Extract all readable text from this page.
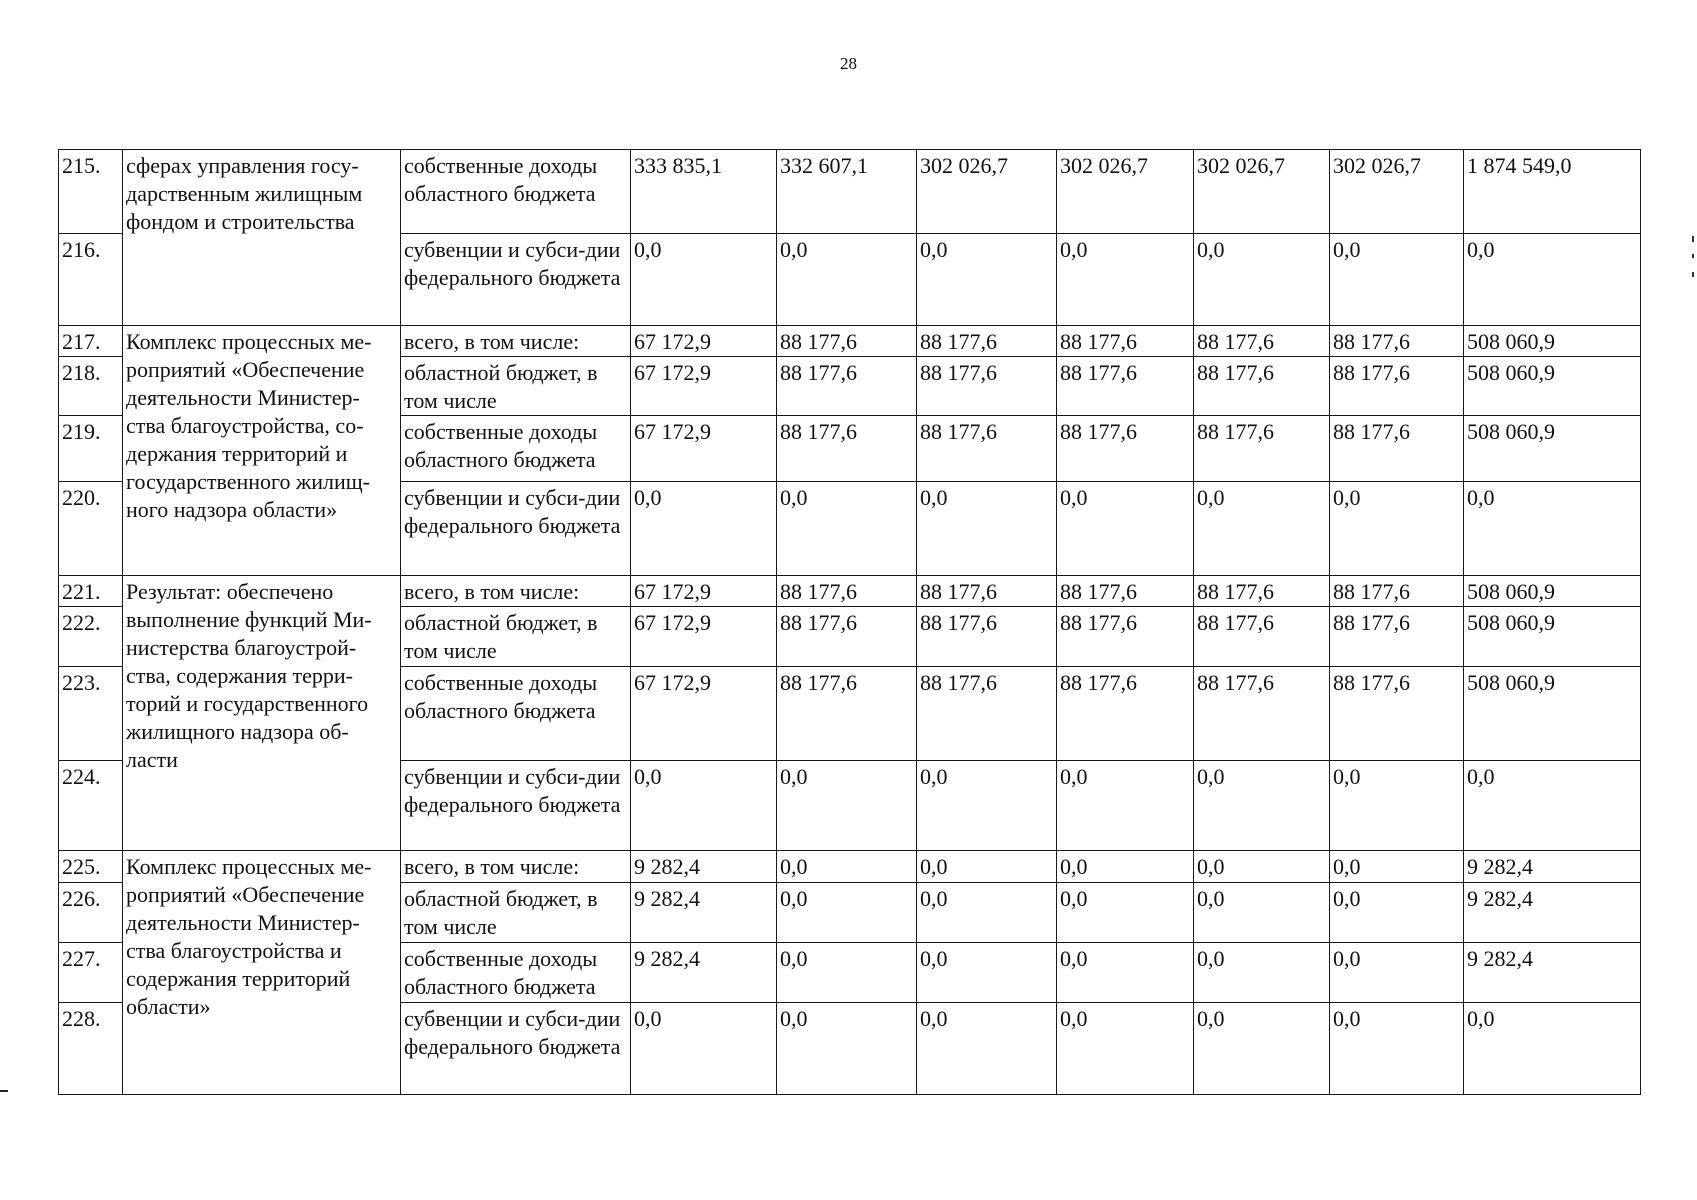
28
215.	сферах управления госу-дарственным жилищным фондом и строительства	собственные доходы областного бюджета	333 835,1	332 607,1	302 026,7	302 026,7	302 026,7	302 026,7	1 874 549,0
216.		субвенции и субси-дии федерального бюджета	0,0	0,0	0,0	0,0	0,0	0,0	0,0
217.	Комплекс процессных ме-роприятий «Обеспечение деятельности Министер-ства благоустройства, со-держания территорий и государственного жилищ-ного надзора области»	всего, в том числе:	67 172,9	88 177,6	88 177,6	88 177,6	88 177,6	88 177,6	508 060,9
218.		областной бюджет, в том числе	67 172,9	88 177,6	88 177,6	88 177,6	88 177,6	88 177,6	508 060,9
219.		собственные доходы областного бюджета	67 172,9	88 177,6	88 177,6	88 177,6	88 177,6	88 177,6	508 060,9
220.		субвенции и субси-дии федерального бюджета	0,0	0,0	0,0	0,0	0,0	0,0	0,0
221.	Результат: обеспечено выполнение функций Ми-нистерства благоустрой-ства, содержания терри-торий и государственного жилищного надзора об-ласти	всего, в том числе:	67 172,9	88 177,6	88 177,6	88 177,6	88 177,6	88 177,6	508 060,9
222.		областной бюджет, в том числе	67 172,9	88 177,6	88 177,6	88 177,6	88 177,6	88 177,6	508 060,9
223.		собственные доходы областного бюджета	67 172,9	88 177,6	88 177,6	88 177,6	88 177,6	88 177,6	508 060,9
224.		субвенции и субси-дии федерального бюджета	0,0	0,0	0,0	0,0	0,0	0,0	0,0
225.	Комплекс процессных ме-роприятий «Обеспечение деятельности Министер-ства благоустройства и содержания территорий области»	всего, в том числе:	9 282,4	0,0	0,0	0,0	0,0	0,0	9 282,4
226.		областной бюджет, в том числе	9 282,4	0,0	0,0	0,0	0,0	0,0	9 282,4
227.		собственные доходы областного бюджета	9 282,4	0,0	0,0	0,0	0,0	0,0	9 282,4
228.		субвенции и субси-дии федерального бюджета	0,0	0,0	0,0	0,0	0,0	0,0	0,0
